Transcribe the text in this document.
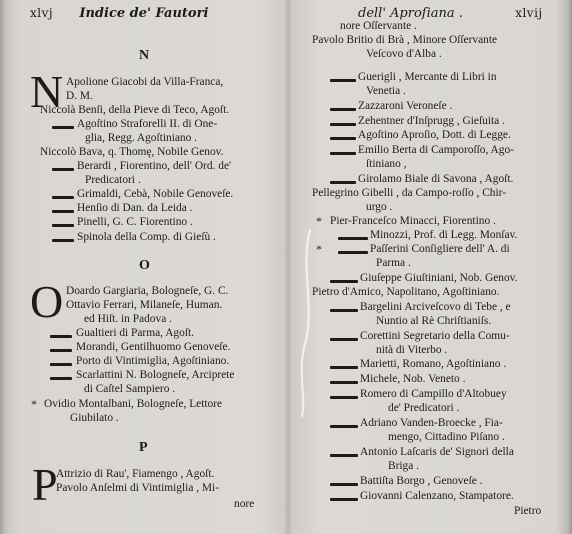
xlvj Indice de' Fautori
N
N Apolione Giacobi da Villa-Franca,
D. M.
Niccolà Benſi, della Pieve di Teco, Agoſt.
Agoſtino Straforelli II. di One-
glia, Regg. Agoſtiniano .
Niccolò Bava, q. Thomę, Nobile Genov.
Berardi , Fiorentino, dell' Ord. de'
Predicatori .
Grimaldi, Cebà, Nobile Genoveſe.
Henſio di Dan. da Leida .
Pinelli, G. C. Fiorentino .
Spinola della Comp. di Gieſù .
O
O Doardo Gargiaria, Bologneſe, G. C.
Ottavio Ferrari, Milaneſe, Human.
ed Hiſt. in Padova .
Gualtieri di Parma, Agoſt.
Morandi, Gentilhuomo Genoveſe.
Porto di Vintimiglia, Agoſtiniano.
Scarlattini N. Bologneſe, Arciprete
di Caſtel Sampiero .
* Ovidio Montalbani, Bologneſe, Lettore
Giubilato .
P
P
Attrizio di Rau', Fiamengo , Agoſt.
Pavolo Anſelmi di Vintimiglia , Mi-
nore
dell' Aproſiana .	xlvij
nore Oſſervante .
Pavolo Britio di Brà , Minore Oſſervante
Veſcovo d'Alba .
Guerigli , Mercante di Libri in
Venetia .
Zazzaroni Veroneſe .
Zehentner d'Inſprugg , Gieſuita .
Agoſtino Aproſio, Dott. di Legge.
Emilio Berta di Camporoſſo, Ago-
ſtiniano ,
Girolamo Biale di Savona , Agoſt.
Pellegrino Gibelli , da Campo-roſſo , Chir-
urgo .
* Pier-Franceſco Minacci, Fiorentino .
Minozzi, Prof. di Legg. Monſav.
*	Paſſerini Conſigliere dell' A. di
Parma .
Giuſeppe Giuſtiniani, Nob. Genov.
Pietro d'Amico, Napolitano, Agoſtiniano.
Bargelini Arciveſcovo di Tebe , e
Nuntio al Rè Chriſtianiſs.
Corettini Segretario della Comu-
nità di Viterbo .
Marietti, Romano, Agoſtiniano .
Michele, Nob. Veneto .
Romero di Campillo d'Altobuey
de' Predicatori .
Adriano Vanden-Broecke , Fia-
mengo, Cittadino Piſano .
Antonio Laſcaris de' Signori della
Briga .
Battiſta Borgo , Genoveſe .
Giovanni Calenzano, Stampatore.
Pietro
